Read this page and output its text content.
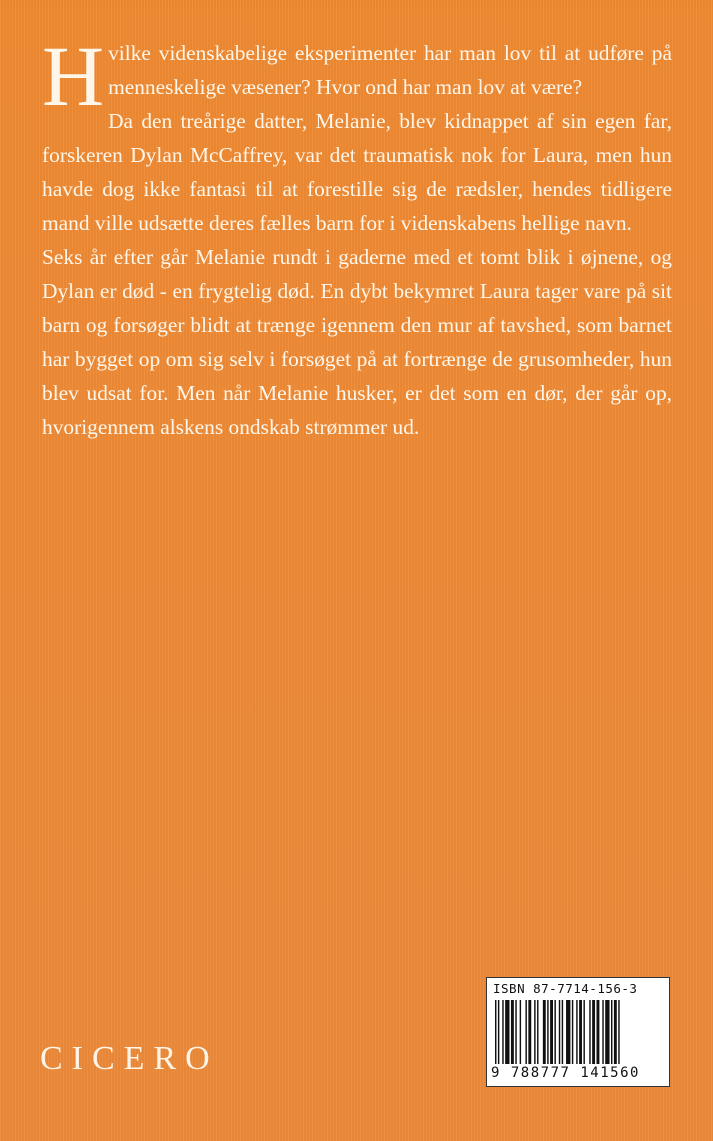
Hvilke videnskabelige eksperimenter har man lov til at udføre på menneskelige væsener? Hvor ond har man lov at være?

Da den treårige datter, Melanie, blev kidnappet af sin egen far, forskeren Dylan McCaffrey, var det traumatisk nok for Laura, men hun havde dog ikke fantasi til at forestille sig de rædsler, hendes tidligere mand ville udsætte deres fælles barn for i videnskabens hellige navn.

Seks år efter går Melanie rundt i gaderne med et tomt blik i øjnene, og Dylan er død - en frygtelig død. En dybt bekymret Laura tager vare på sit barn og forsøger blidt at trænge igennem den mur af tavshed, som barnet har bygget op om sig selv i forsøget på at fortrænge de grusomheder, hun blev udsat for. Men når Melanie husker, er det som en dør, der går op, hvorigennem alskens ondskab strømmer ud.

CICERO
ISBN 87-7714-156-3
9 788777 141560
